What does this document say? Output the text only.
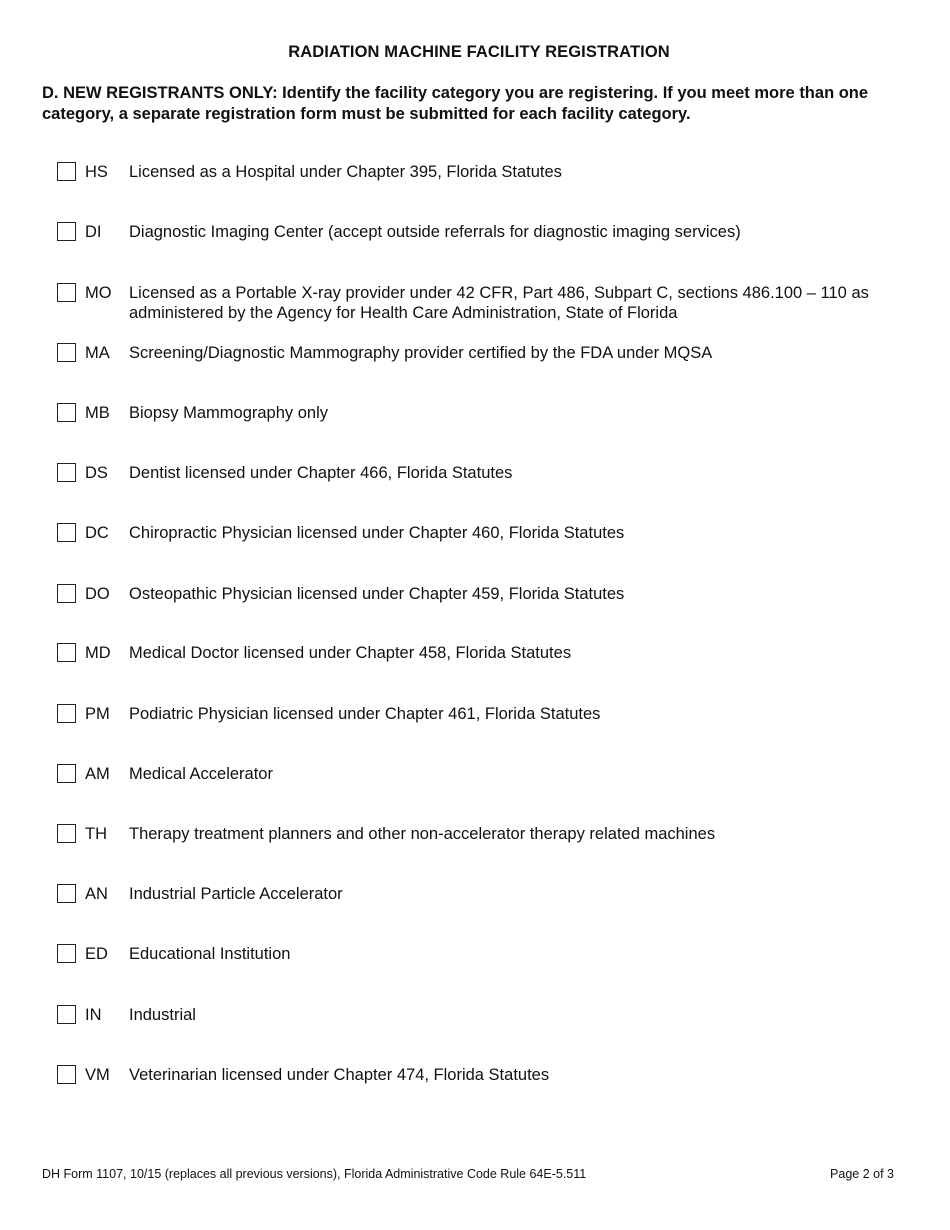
RADIATION MACHINE FACILITY REGISTRATION
D. NEW REGISTRANTS ONLY: Identify the facility category you are registering. If you meet more than one category, a separate registration form must be submitted for each facility category.
HS Licensed as a Hospital under Chapter 395, Florida Statutes
DI Diagnostic Imaging Center (accept outside referrals for diagnostic imaging services)
MO Licensed as a Portable X-ray provider under 42 CFR, Part 486, Subpart C, sections 486.100 – 110 as administered by the Agency for Health Care Administration, State of Florida
MA Screening/Diagnostic Mammography provider certified by the FDA under MQSA
MB Biopsy Mammography only
DS Dentist licensed under Chapter 466, Florida Statutes
DC Chiropractic Physician licensed under Chapter 460, Florida Statutes
DO Osteopathic Physician licensed under Chapter 459, Florida Statutes
MD Medical Doctor licensed under Chapter 458, Florida Statutes
PM Podiatric Physician licensed under Chapter 461, Florida Statutes
AM Medical Accelerator
TH Therapy treatment planners and other non-accelerator therapy related machines
AN Industrial Particle Accelerator
ED Educational Institution
IN Industrial
VM Veterinarian licensed under Chapter 474, Florida Statutes
DH Form 1107, 10/15 (replaces all previous versions), Florida Administrative Code Rule 64E-5.511	Page 2 of 3
